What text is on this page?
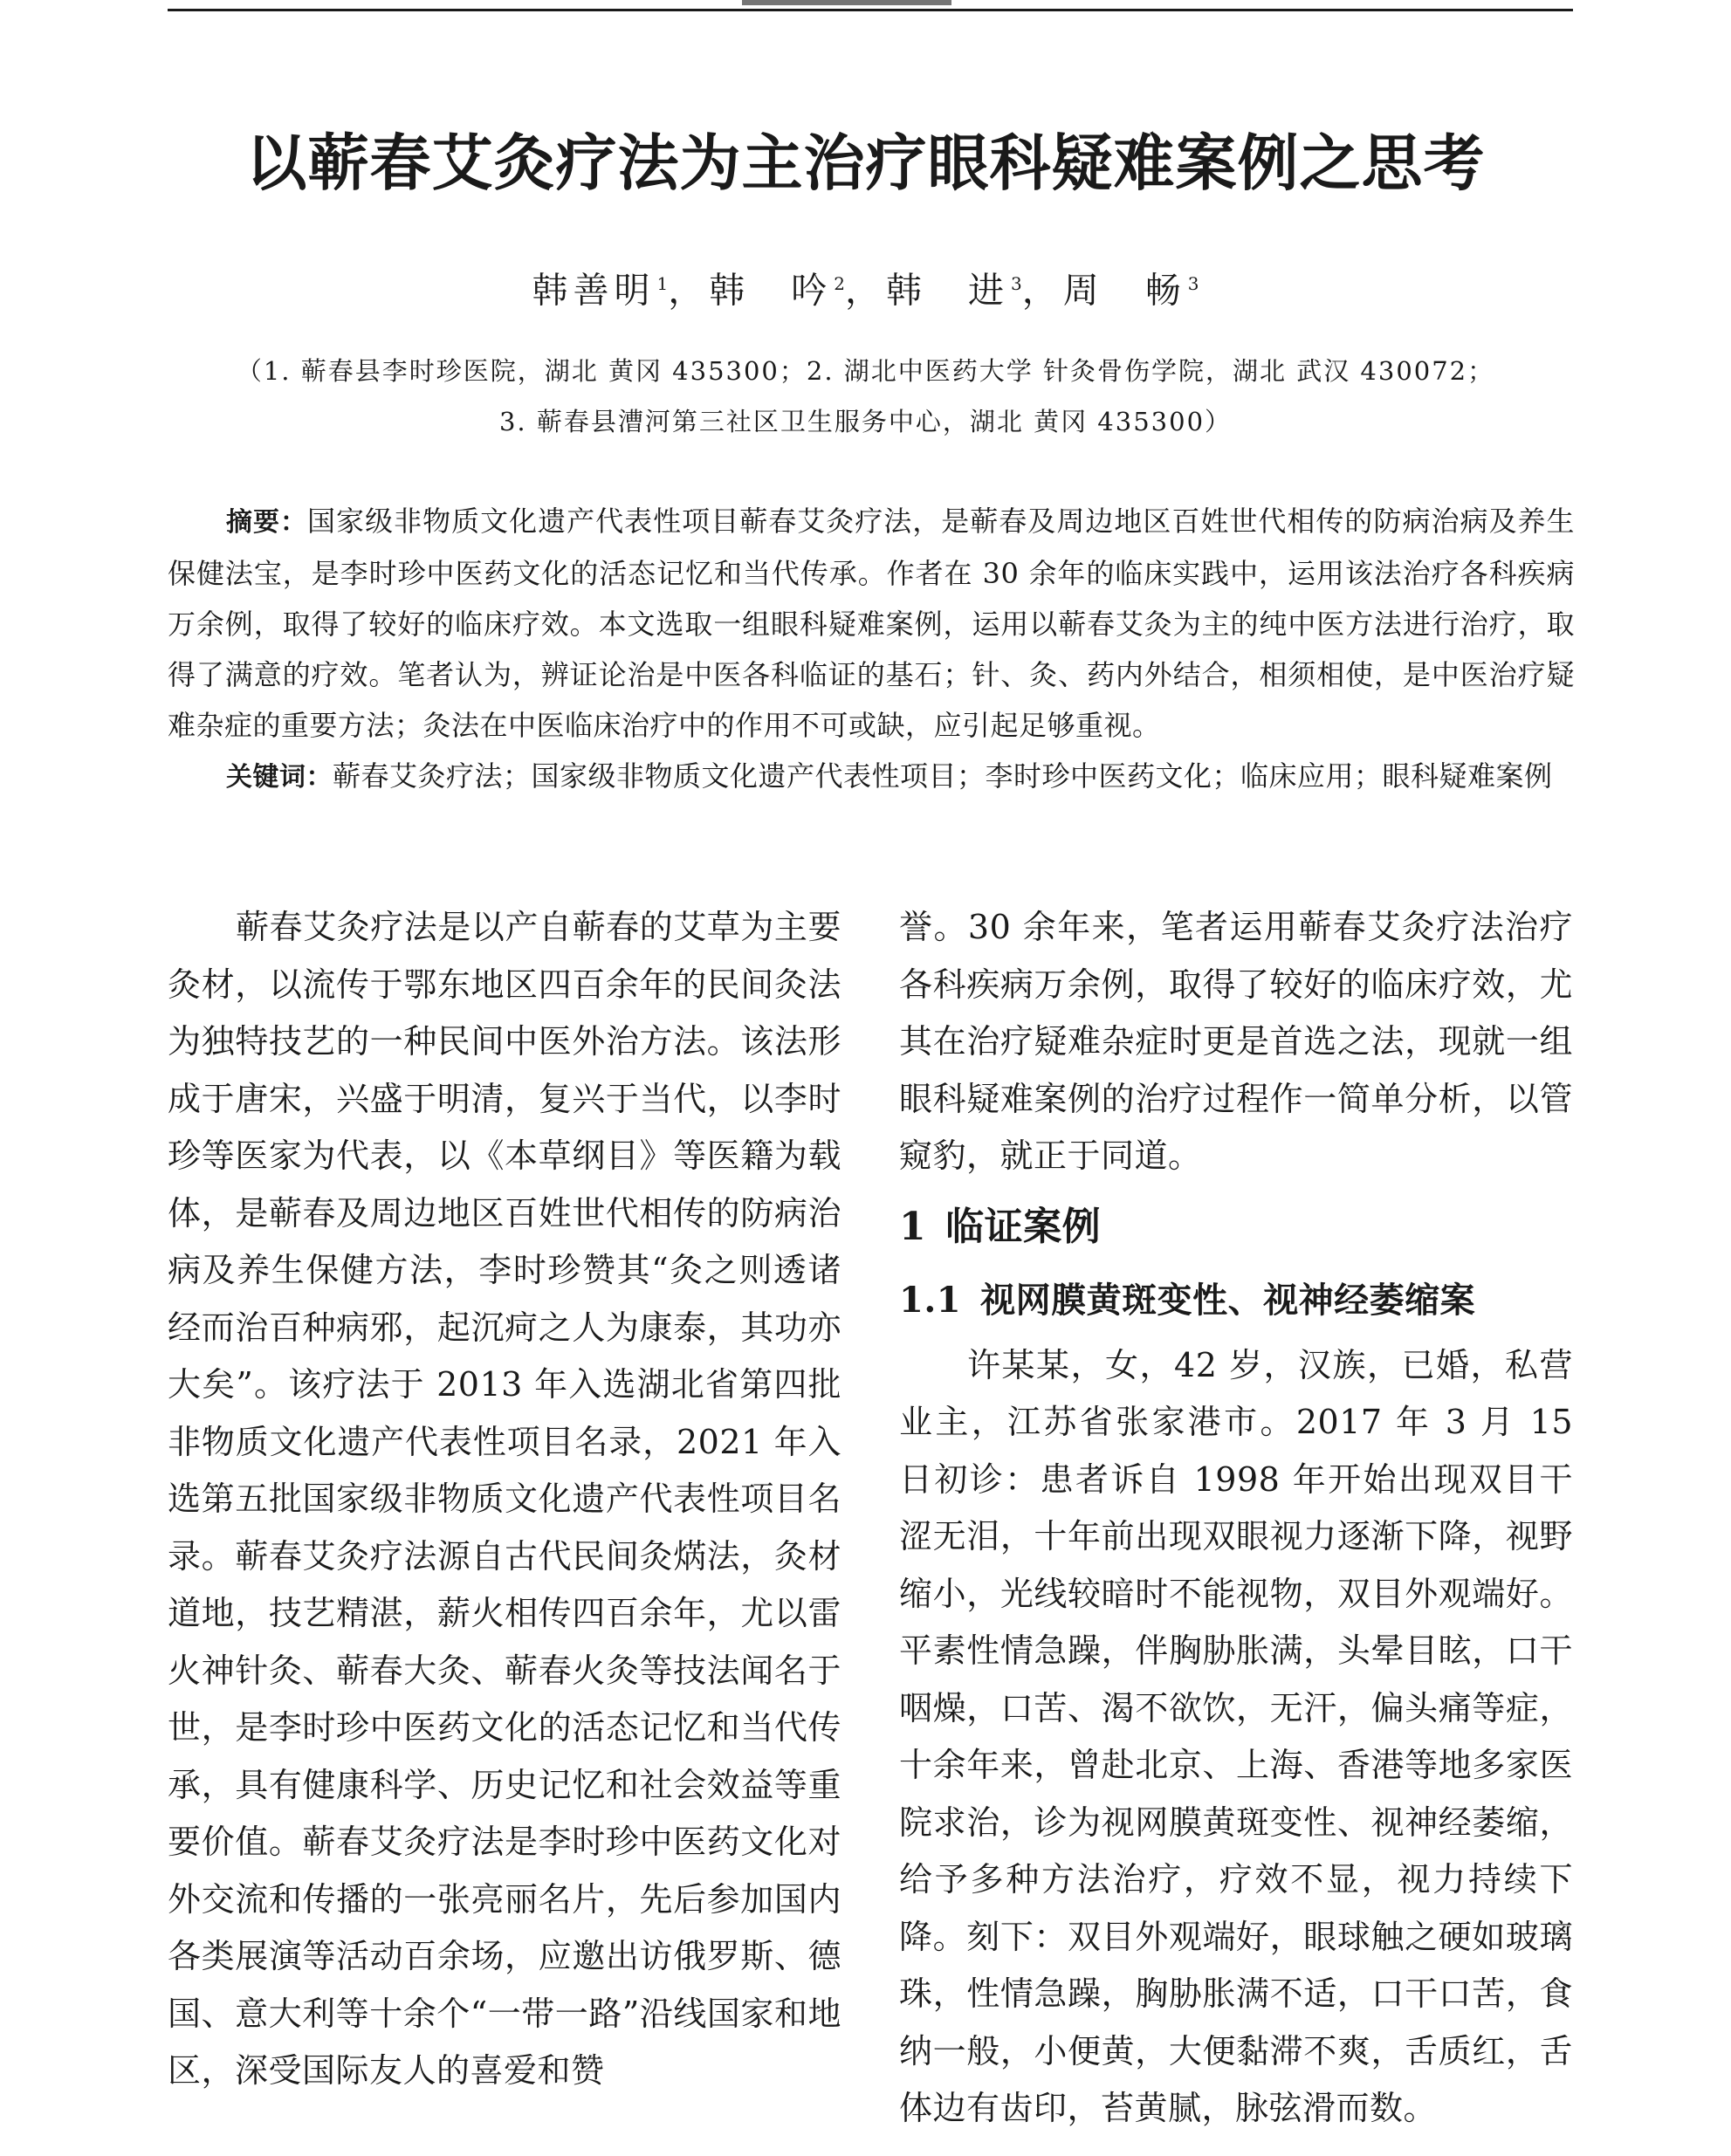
以蕲春艾灸疗法为主治疗眼科疑难案例之思考
韩善明 $^1$，韩　吟 $^2$，韩　进 $^3$，周　畅 $^3$
（1. 蕲春县李时珍医院，湖北 黄冈 435300；2. 湖北中医药大学 针灸骨伤学院，湖北 武汉 430072；
3. 蕲春县漕河第三社区卫生服务中心，湖北 黄冈 435300）

摘要：国家级非物质文化遗产代表性项目蕲春艾灸疗法，是蕲春及周边地区百姓世代相传的防病治病及养生保健法宝，是李时珍中医药文化的活态记忆和当代传承。作者在 30 余年的临床实践中，运用该法治疗各科疾病万余例，取得了较好的临床疗效。本文选取一组眼科疑难案例，运用以蕲春艾灸为主的纯中医方法进行治疗，取得了满意的疗效。笔者认为，辨证论治是中医各科临证的基石；针、灸、药内外结合，相须相使，是中医治疗疑难杂症的重要方法；灸法在中医临床治疗中的作用不可或缺，应引起足够重视。

关键词：蕲春艾灸疗法；国家级非物质文化遗产代表性项目；李时珍中医药文化；临床应用；眼科疑难案例

蕲春艾灸疗法是以产自蕲春的艾草为主要灸材，以流传于鄂东地区四百余年的民间灸法为独特技艺的一种民间中医外治方法。该法形成于唐宋，兴盛于明清，复兴于当代，以李时珍等医家为代表，以《本草纲目》等医籍为载体，是蕲春及周边地区百姓世代相传的防病治病及养生保健方法，李时珍赞其“灸之则透诸经而治百种病邪，起沉疴之人为康泰，其功亦大矣”。该疗法于 2013 年入选湖北省第四批非物质文化遗产代表性项目名录，2021 年入选第五批国家级非物质文化遗产代表性项目名录。蕲春艾灸疗法源自古代民间灸焫法，灸材道地，技艺精湛，薪火相传四百余年，尤以雷火神针灸、蕲春大灸、蕲春火灸等技法闻名于世，是李时珍中医药文化的活态记忆和当代传承，具有健康科学、历史记忆和社会效益等重要价值。蕲春艾灸疗法是李时珍中医药文化对外交流和传播的一张亮丽名片，先后参加国内各类展演等活动百余场，应邀出访俄罗斯、德国、意大利等十余个“一带一路”沿线国家和地区，深受国际友人的喜爱和赞

誉。30 余年来，笔者运用蕲春艾灸疗法治疗各科疾病万余例，取得了较好的临床疗效，尤其在治疗疑难杂症时更是首选之法，现就一组眼科疑难案例的治疗过程作一简单分析，以管窥豹，就正于同道。

1 临证案例
1.1 视网膜黄斑变性、视神经萎缩案

许某某，女，42 岁，汉族，已婚，私营业主，江苏省张家港市。2017 年 3 月 15 日初诊：患者诉自 1998 年开始出现双目干涩无泪，十年前出现双眼视力逐渐下降，视野缩小，光线较暗时不能视物，双目外观端好。平素性情急躁，伴胸胁胀满，头晕目眩，口干咽燥，口苦、渴不欲饮，无汗，偏头痛等症，十余年来，曾赴北京、上海、香港等地多家医院求治，诊为视网膜黄斑变性、视神经萎缩，给予多种方法治疗，疗效不显，视力持续下降。刻下：双目外观端好，眼球触之硬如玻璃珠，性情急躁，胸胁胀满不适，口干口苦，食纳一般，小便黄，大便黏滞不爽，舌质红，舌体边有齿印，苔黄腻，脉弦滑而数。
